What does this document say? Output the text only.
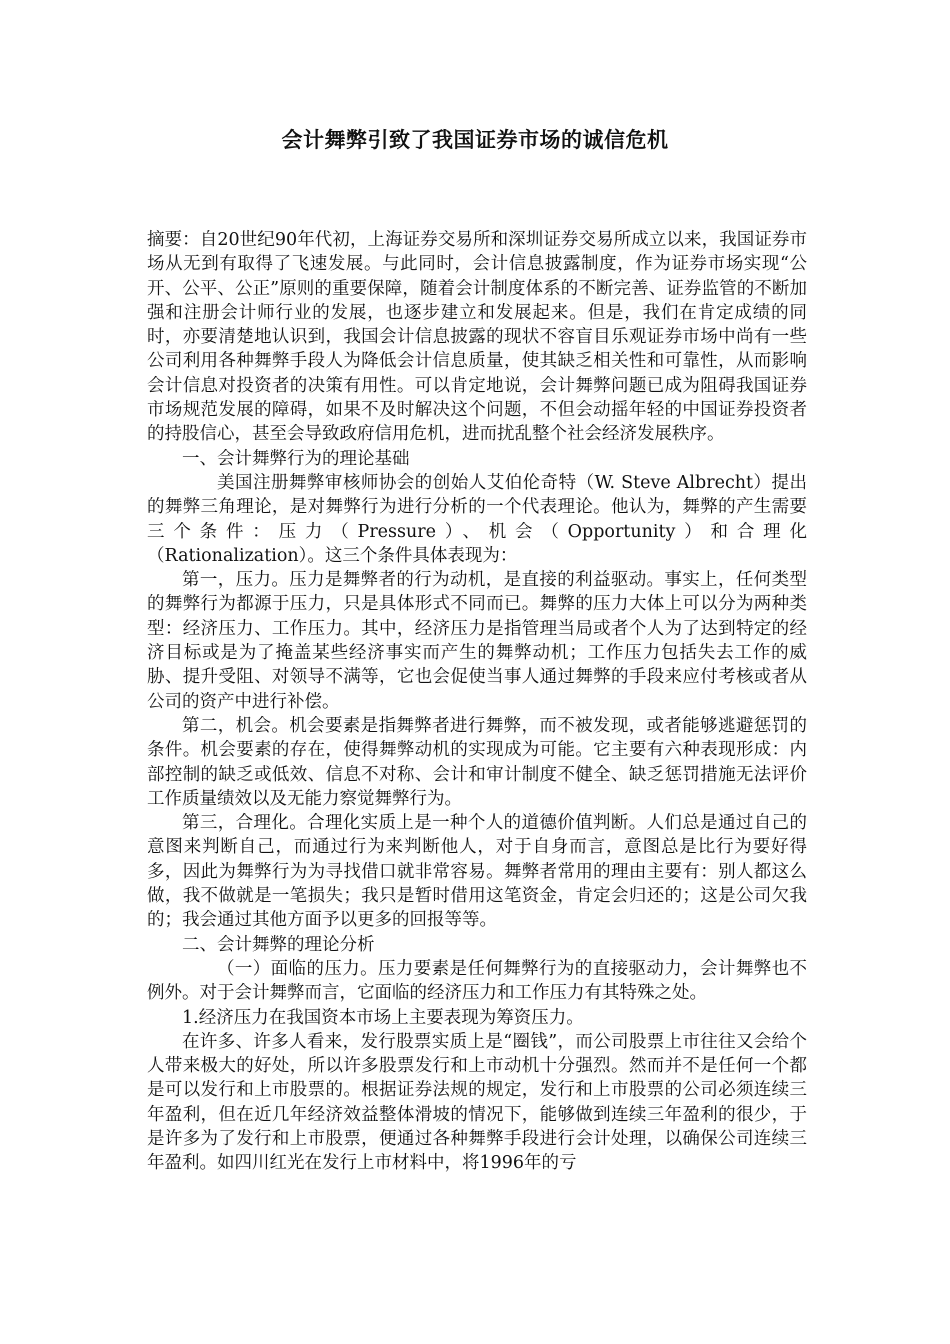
会计舞弊引致了我国证券市场的诚信危机

摘要：自20世纪90年代初，上海证券交易所和深圳证券交易所成立以来，我国证券市场从无到有取得了飞速发展。与此同时，会计信息披露制度，作为证券市场实现“公开、公平、公正”原则的重要保障，随着会计制度体系的不断完善、证券监管的不断加强和注册会计师行业的发展，也逐步建立和发展起来。但是，我们在肯定成绩的同时，亦要清楚地认识到，我国会计信息披露的现状不容盲目乐观证券市场中尚有一些公司利用各种舞弊手段人为降低会计信息质量，使其缺乏相关性和可靠性，从而影响会计信息对投资者的决策有用性。可以肯定地说，会计舞弊问题已成为阻碍我国证券市场规范发展的障碍，如果不及时解决这个问题，不但会动摇年轻的中国证券投资者的持股信心，甚至会导致政府信用危机，进而扰乱整个社会经济发展秩序。

一、会计舞弊行为的理论基础

美国注册舞弊审核师协会的创始人艾伯伦奇特（W. Steve Albrecht）提出的舞弊三角理论，是对舞弊行为进行分析的一个代表理论。他认为，舞弊的产生需要三个条件：压力（Pressure）、机会（Opportunity）和合理化（Rationalization）。这三个条件具体表现为：

第一，压力。压力是舞弊者的行为动机，是直接的利益驱动。事实上，任何类型的舞弊行为都源于压力，只是具体形式不同而已。舞弊的压力大体上可以分为两种类型：经济压力、工作压力。其中，经济压力是指管理当局或者个人为了达到特定的经济目标或是为了掩盖某些经济事实而产生的舞弊动机；工作压力包括失去工作的威胁、提升受阻、对领导不满等，它也会促使当事人通过舞弊的手段来应付考核或者从公司的资产中进行补偿。

第二，机会。机会要素是指舞弊者进行舞弊，而不被发现，或者能够逃避惩罚的条件。机会要素的存在，使得舞弊动机的实现成为可能。它主要有六种表现形成：内部控制的缺乏或低效、信息不对称、会计和审计制度不健全、缺乏惩罚措施无法评价工作质量绩效以及无能力察觉舞弊行为。

第三，合理化。合理化实质上是一种个人的道德价值判断。人们总是通过自己的意图来判断自己，而通过行为来判断他人，对于自身而言，意图总是比行为要好得多，因此为舞弊行为为寻找借口就非常容易。舞弊者常用的理由主要有：别人都这么做，我不做就是一笔损失；我只是暂时借用这笔资金，肯定会归还的；这是公司欠我的；我会通过其他方面予以更多的回报等等。

二、会计舞弊的理论分析

（一）面临的压力。压力要素是任何舞弊行为的直接驱动力，会计舞弊也不例外。对于会计舞弊而言，它面临的经济压力和工作压力有其特殊之处。

1.经济压力在我国资本市场上主要表现为筹资压力。

在许多、许多人看来，发行股票实质上是“圈钱”，而公司股票上市往往又会给个人带来极大的好处，所以许多股票发行和上市动机十分强烈。然而并不是任何一个都是可以发行和上市股票的。根据证券法规的规定，发行和上市股票的公司必须连续三年盈利，但在近几年经济效益整体滑坡的情况下，能够做到连续三年盈利的很少，于是许多为了发行和上市股票，便通过各种舞弊手段进行会计处理，以确保公司连续三年盈利。如四川红光在发行上市材料中，将1996年的亏
